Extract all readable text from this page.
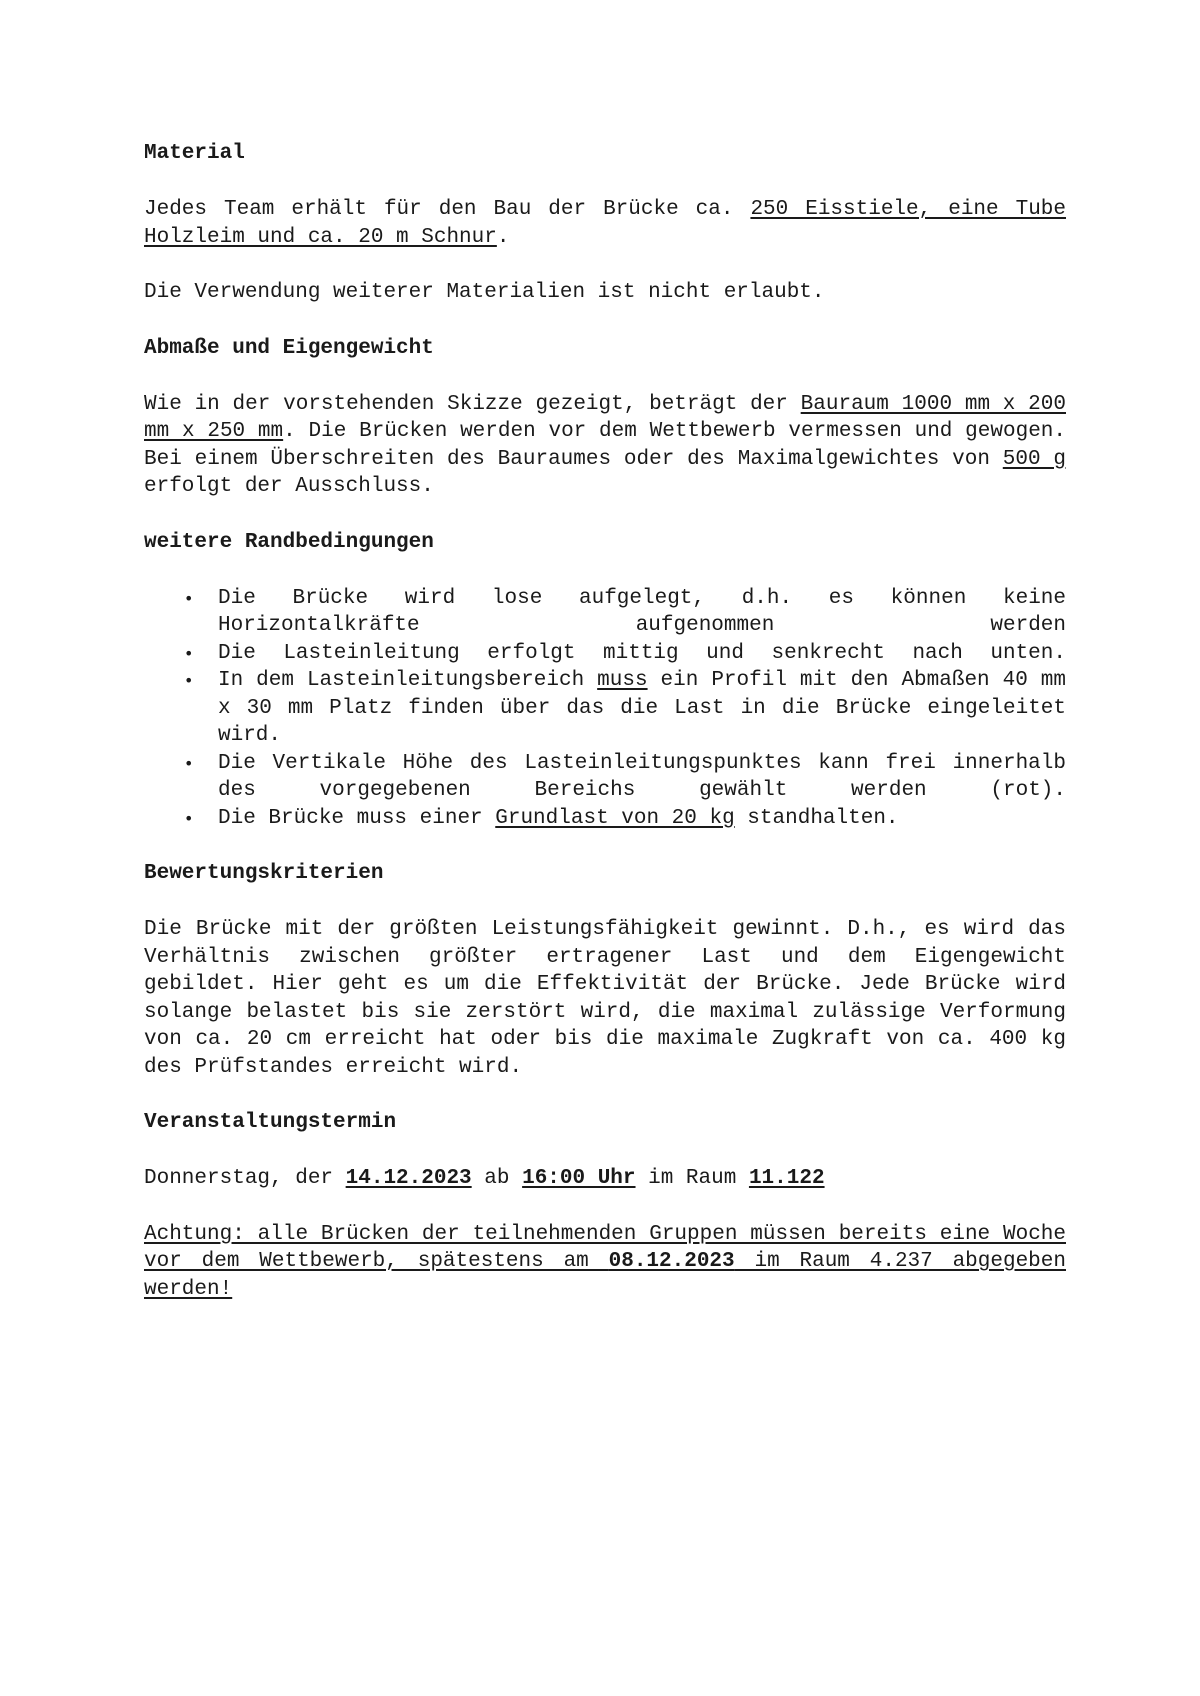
Material
Jedes Team erhält für den Bau der Brücke ca. 250 Eisstiele, eine Tube Holzleim und ca. 20 m Schnur.
Die Verwendung weiterer Materialien ist nicht erlaubt.
Abmaße und Eigengewicht
Wie in der vorstehenden Skizze gezeigt, beträgt der Bauraum 1000 mm x 200 mm x 250 mm. Die Brücken werden vor dem Wettbewerb vermessen und gewogen. Bei einem Überschreiten des Bauraumes oder des Maximalgewichtes von 500 g erfolgt der Ausschluss.
weitere Randbedingungen
• Die Brücke wird lose aufgelegt, d.h. es können keine Horizontalkräfte aufgenommen werden
• Die Lasteinleitung erfolgt mittig und senkrecht nach unten.
• In dem Lasteinleitungsbereich muss ein Profil mit den Abmaßen 40 mm x 30 mm Platz finden über das die Last in die Brücke eingeleitet wird.
• Die Vertikale Höhe des Lasteinleitungspunktes kann frei innerhalb des vorgegebenen Bereichs gewählt werden (rot).
• Die Brücke muss einer Grundlast von 20 kg standhalten.
Bewertungskriterien
Die Brücke mit der größten Leistungsfähigkeit gewinnt. D.h., es wird das Verhältnis zwischen größter ertragener Last und dem Eigengewicht gebildet. Hier geht es um die Effektivität der Brücke. Jede Brücke wird solange belastet bis sie zerstört wird, die maximal zulässige Verformung von ca. 20 cm erreicht hat oder bis die maximale Zugkraft von ca. 400 kg des Prüfstandes erreicht wird.
Veranstaltungstermin
Donnerstag, der 14.12.2023 ab 16:00 Uhr im Raum 11.122
Achtung: alle Brücken der teilnehmenden Gruppen müssen bereits eine Woche vor dem Wettbewerb, spätestens am 08.12.2023 im Raum 4.237 abgegeben werden!
